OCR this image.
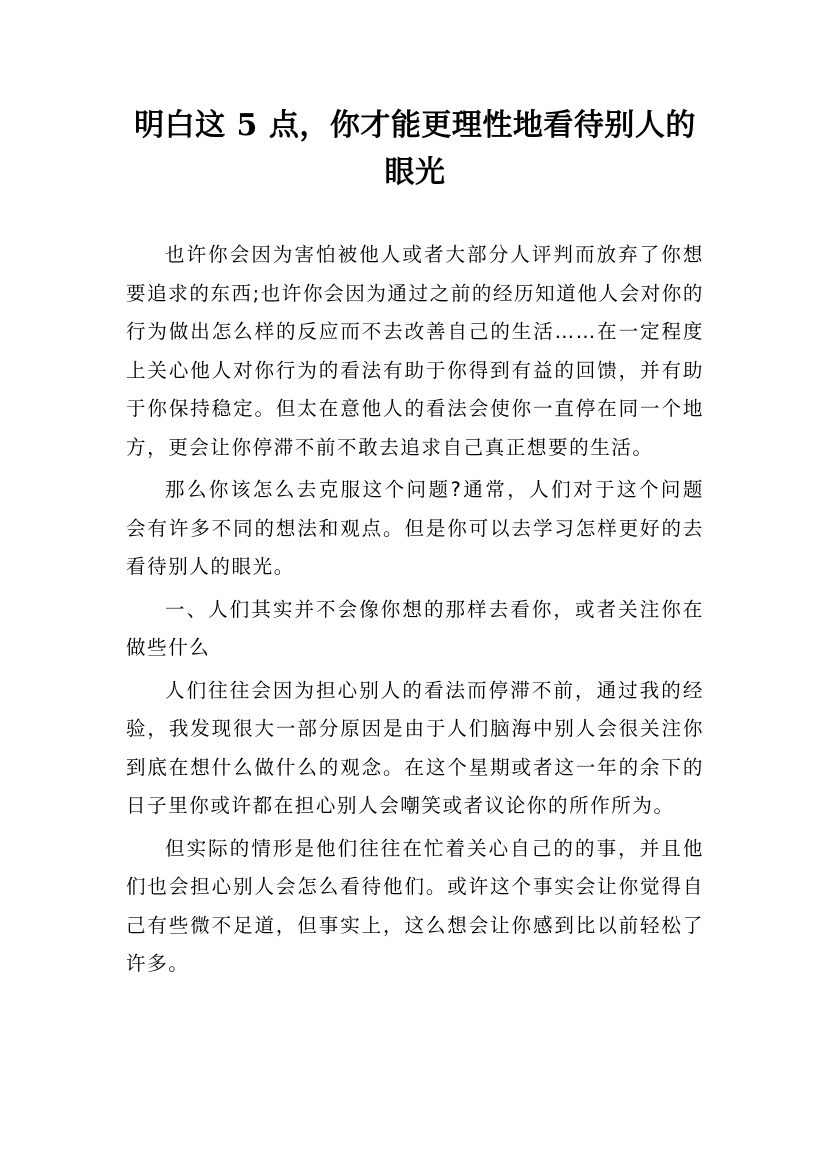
明白这 5 点，你才能更理性地看待别人的眼光

也许你会因为害怕被他人或者大部分人评判而放弃了你想要追求的东西;也许你会因为通过之前的经历知道他人会对你的行为做出怎么样的反应而不去改善自己的生活……在一定程度上关心他人对你行为的看法有助于你得到有益的回馈，并有助于你保持稳定。但太在意他人的看法会使你一直停在同一个地方，更会让你停滞不前不敢去追求自己真正想要的生活。

那么你该怎么去克服这个问题?通常，人们对于这个问题会有许多不同的想法和观点。但是你可以去学习怎样更好的去看待别人的眼光。

一、人们其实并不会像你想的那样去看你，或者关注你在做些什么

人们往往会因为担心别人的看法而停滞不前，通过我的经验，我发现很大一部分原因是由于人们脑海中别人会很关注你到底在想什么做什么的观念。在这个星期或者这一年的余下的日子里你或许都在担心别人会嘲笑或者议论你的所作所为。

但实际的情形是他们往往在忙着关心自己的的事，并且他们也会担心别人会怎么看待他们。或许这个事实会让你觉得自己有些微不足道，但事实上，这么想会让你感到比以前轻松了许多。
